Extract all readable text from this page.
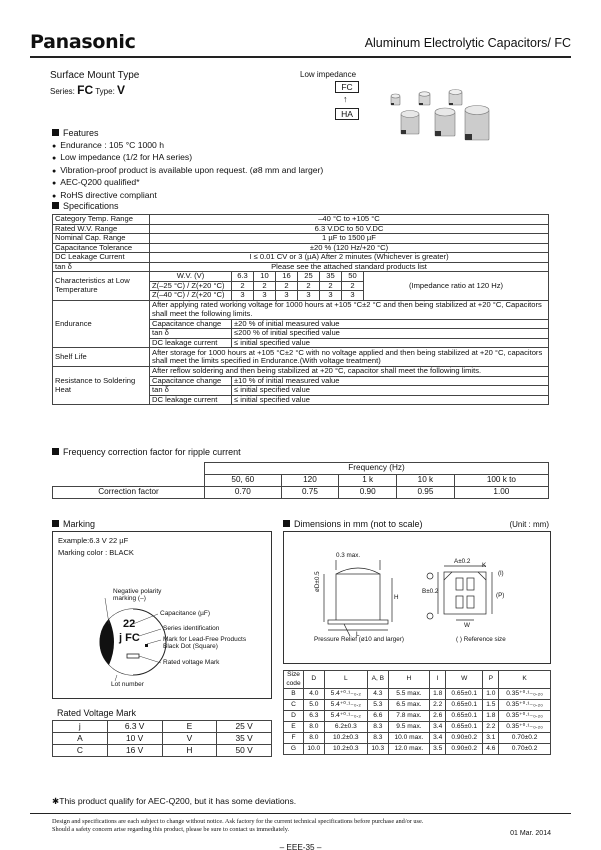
Panasonic	Aluminum Electrolytic Capacitors/ FC
Surface Mount Type
Series: FC Type: V
Low impedance
FC
↑
HA
Features
● Endurance : 105 °C 1000 h
● Low impedance (1/2 for HA series)
● Vibration-proof product is available upon request. (ø8 mm and larger)
● AEC-Q200 qualified*
● RoHS directive compliant
Specifications
Category Temp. Range	–40 °C to +105 °C							
Rated W.V. Range	6.3 V.DC to 50 V.DC							
Nominal Cap. Range	1 µF to 1500 µF							
Capacitance Tolerance	±20 % (120 Hz/+20 °C)							
DC Leakage Current	I ≤ 0.01 CV or 3 (µA) After 2 minutes (Whichever is greater)							
tan δ	Please see the attached standard products list							
Characteristics at Low Temperature	W.V. (V)	6.3	10	16	25	35	50	(Impedance ratio at 120 Hz)
	Z(–25 °C) / Z(+20 °C)	2	2	2	2	2	2	
	Z(–40 °C) / Z(+20 °C)	3	3	3	3	3	3	
Endurance	After applying rated working voltage for 1000 hours at +105 °C±2 °C and then being stabilized at +20 °C, Capacitors shall meet the following limits.							
	Capacitance change	±20 % of initial measured value						
	tan δ	≤200 % of initial specified value						
	DC leakage current	≤ initial specified value						
Shelf Life	After storage for 1000 hours at +105 °C±2 °C with no voltage applied and then being stabilized at +20 °C, capacitors shall meet the limits specified in Endurance.(With voltage treatment)							
Resistance to Soldering Heat	After reflow soldering and then being stabilized at +20 °C, capacitor shall meet the following limits.							
	Capacitance change	±10 % of initial measured value						
	tan δ	≤ initial specified value						
	DC leakage current	≤ initial specified value						
Frequency correction factor for ripple current
	Frequency (Hz)				
	50, 60	120	1 k	10 k	100 k to
Correction factor	0.70	0.75	0.90	0.95	1.00
Marking
Example:6.3 V 22 µF
Marking color : BLACK
22
j FC
Negative polarity marking (–)
Capacitance (µF)
Series identification
Mark for Lead-Free Products Black Dot (Square)
Rated voltage Mark
Lot number
Rated Voltage Mark
j	6.3 V	E	25 V
A	10 V	V	35 V
C	16 V	H	50 V
Dimensions in mm (not to scale)	(Unit : mm)
0.3 max.
øD±0.5
H
L
Pressure Relief (ø10 and larger)
A±0.2
B±0.2
(l)
K
(P)
W
( ) Reference size
Size code	D	L	A, B	H	I	W	P	K
B	4.0	5.4⁺⁰·¹₋₀.₂	4.3	5.5 max.	1.8	0.65±0.1	1.0	0.35⁺⁰·¹₋₀.₂₀
C	5.0	5.4⁺⁰·¹₋₀.₂	5.3	6.5 max.	2.2	0.65±0.1	1.5	0.35⁺⁰·¹₋₀.₂₀
D	6.3	5.4⁺⁰·¹₋₀.₂	6.6	7.8 max.	2.6	0.65±0.1	1.8	0.35⁺⁰·¹₋₀.₂₀
E	8.0	6.2±0.3	8.3	9.5 max.	3.4	0.65±0.1	2.2	0.35⁺⁰·¹₋₀.₂₀
F	8.0	10.2±0.3	8.3	10.0 max.	3.4	0.90±0.2	3.1	0.70±0.2
G	10.0	10.2±0.3	10.3	12.0 max.	3.5	0.90±0.2	4.6	0.70±0.2
✱This product qualify for AEC-Q200, but it has some deviations.
Design and specifications are each subject to change without notice. Ask factory for the current technical specifications before purchase and/or use.
Should a safety concern arise regarding this product, please be sure to contact us immediately.
01 Mar. 2014
– EEE-35 –
